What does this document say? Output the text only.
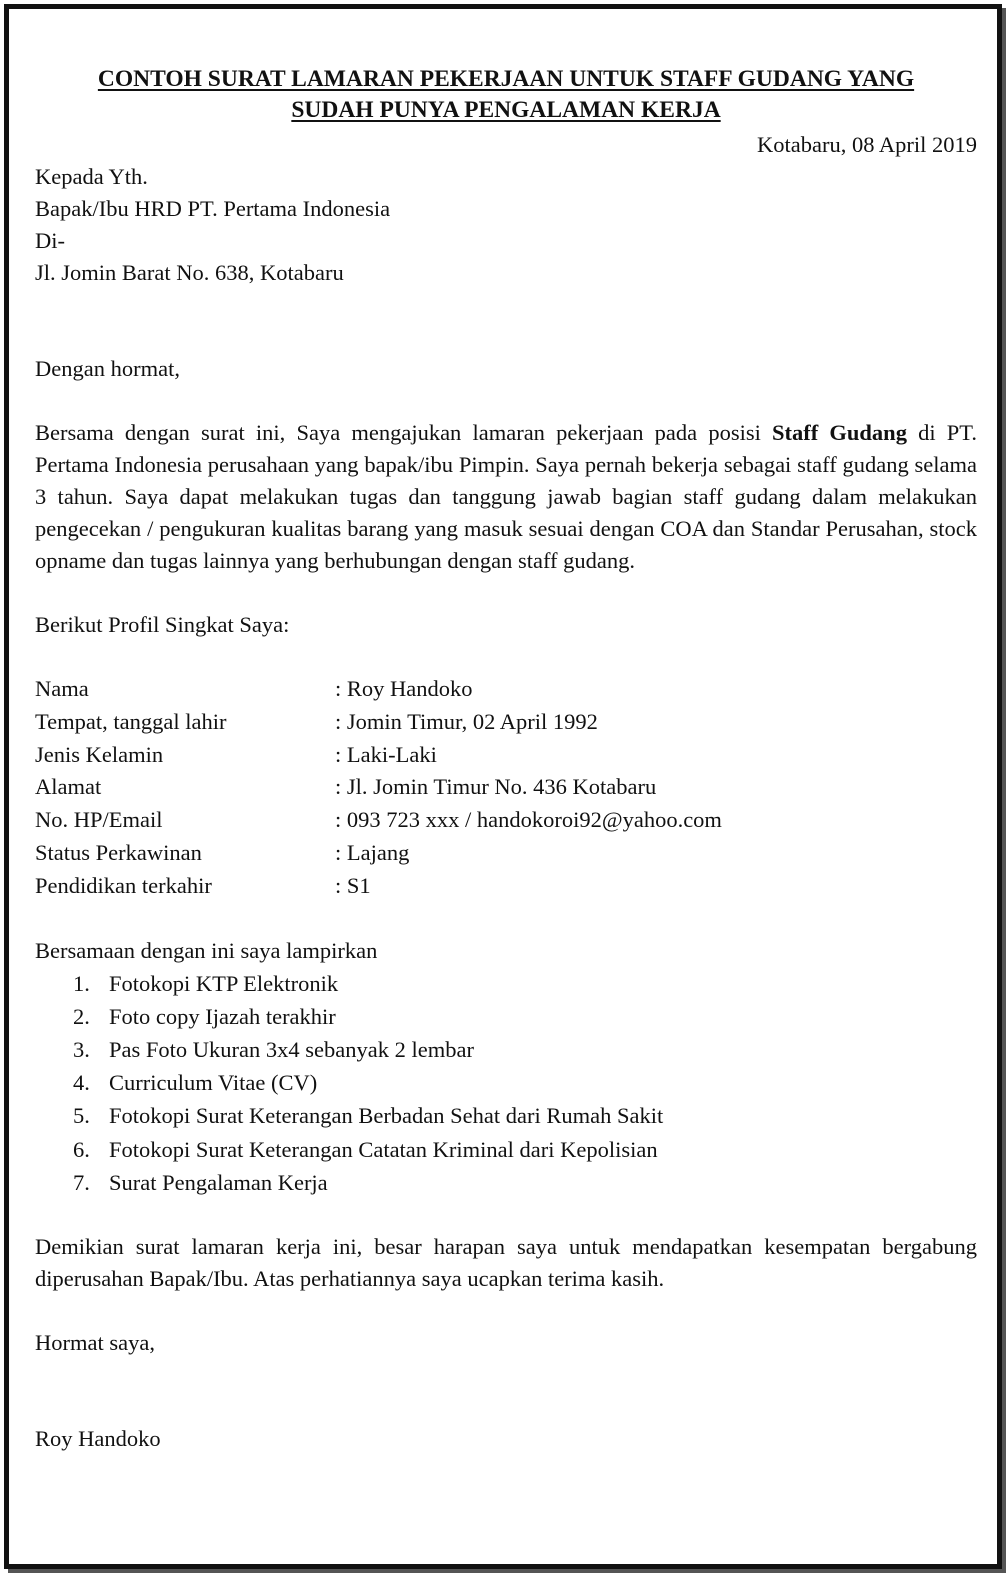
CONTOH SURAT LAMARAN PEKERJAAN UNTUK STAFF GUDANG YANG
SUDAH PUNYA PENGALAMAN KERJA

Kotabaru, 08 April 2019

Kepada Yth.

Bapak/Ibu HRD PT. Pertama Indonesia

Di-

Jl. Jomin Barat No. 638, Kotabaru

Dengan hormat,

Bersama dengan surat ini, Saya mengajukan lamaran pekerjaan pada posisi Staff Gudang di PT. Pertama Indonesia perusahaan yang bapak/ibu Pimpin. Saya pernah bekerja sebagai staff gudang selama 3 tahun. Saya dapat melakukan tugas dan tanggung jawab bagian staff gudang dalam melakukan pengecekan / pengukuran kualitas barang yang masuk sesuai dengan COA dan Standar Perusahan, stock opname dan tugas lainnya yang berhubungan dengan staff gudang.

Berikut Profil Singkat Saya:

Nama	: Roy Handoko
Tempat, tanggal lahir	: Jomin Timur, 02 April 1992
Jenis Kelamin	: Laki-Laki
Alamat	: Jl. Jomin Timur No. 436 Kotabaru
No. HP/Email	: 093 723 xxx / handokoroi92@yahoo.com
Status Perkawinan	: Lajang
Pendidikan terkahir	: S1

Bersamaan dengan ini saya lampirkan

1. Fotokopi KTP Elektronik
2. Foto copy Ijazah terakhir
3. Pas Foto Ukuran 3x4 sebanyak 2 lembar
4. Curriculum Vitae (CV)
5. Fotokopi Surat Keterangan Berbadan Sehat dari Rumah Sakit
6. Fotokopi Surat Keterangan Catatan Kriminal dari Kepolisian
7. Surat Pengalaman Kerja

Demikian surat lamaran kerja ini, besar harapan saya untuk mendapatkan kesempatan bergabung diperusahan Bapak/Ibu. Atas perhatiannya saya ucapkan terima kasih.

Hormat saya,

Roy Handoko
